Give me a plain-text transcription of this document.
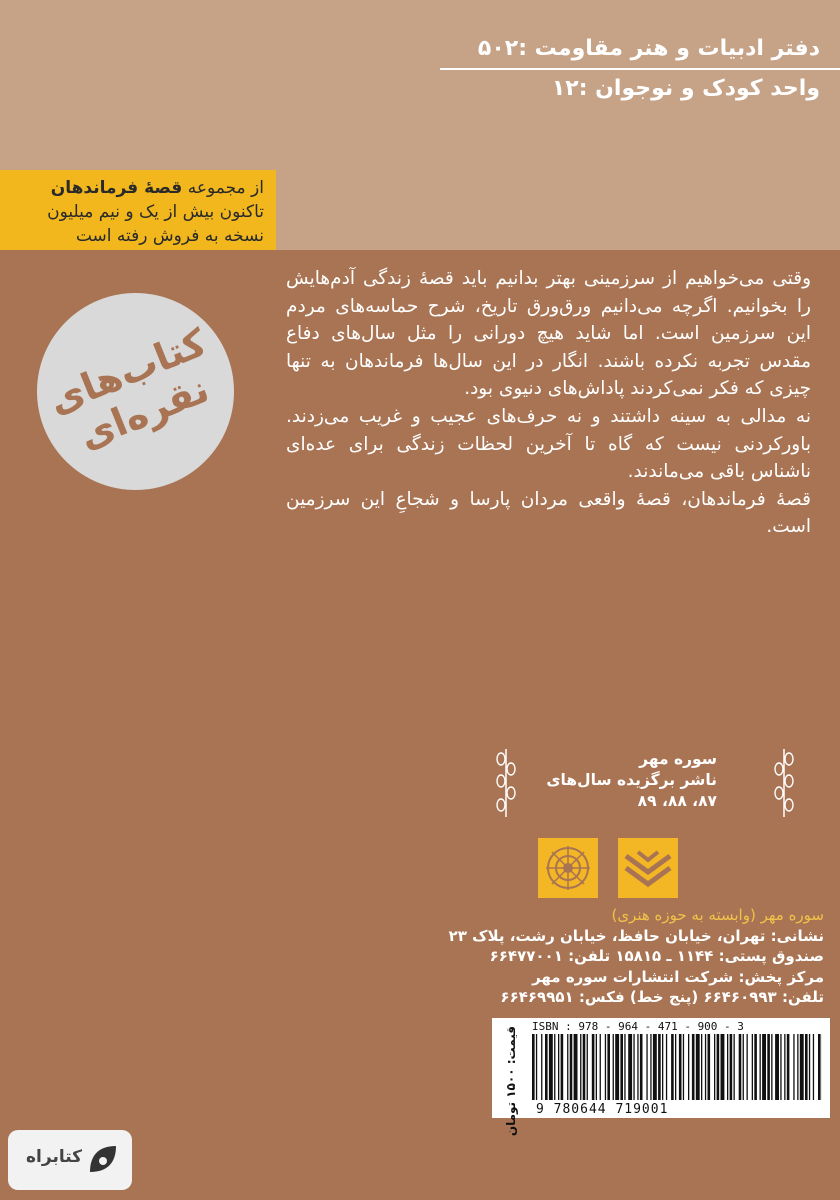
دفتر ادبیات و هنر مقاومت :۵۰۲
واحد کودک و نوجوان :۱۲
از مجموعه قصهٔ فرماندهان
تاکنون بیش از یک و نیم میلیون
نسخه به فروش رفته است
کتاب‌های نقره‌ای

وقتی می‌خواهیم از سرزمینی بهتر بدانیم باید قصهٔ زندگی آدم‌هایش را بخوانیم. اگرچه می‌دانیم ورق‌ورق تاریخ، شرح حماسه‌های مردم این سرزمین است. اما شاید هیچ دورانی را مثل سال‌های دفاع مقدس تجربه نکرده باشند. انگار در این سال‌ها فرماندهان به تنها چیزی که فکر نمی‌کردند پاداش‌های دنیوی بود.

نه مدالی به سینه داشتند و نه حرف‌های عجیب و غریب می‌زدند. باورکردنی نیست که گاه تا آخرین لحظات زندگی برای عده‌ای ناشناس باقی می‌ماندند.

قصهٔ فرماندهان، قصهٔ واقعی مردان پارسا و شجاعِ این سرزمین است.

سوره مهر
ناشر برگزیده سال‌های
۸۷، ۸۸، ۸۹
سوره مهر (وابسته به حوزه هنری)
نشانی: تهران، خیابان حافظ، خیابان رشت، پلاک ۲۳
صندوق پستی: ۱۱۴۴ ـ ۱۵۸۱۵ تلفن: ۶۶۴۷۷۰۰۱
مرکز پخش: شرکت انتشارات سوره مهر
تلفن: ۶۶۴۶۰۹۹۳ (پنج خط) فکس: ۶۶۴۶۹۹۵۱
قیمت: ۱۵۰۰ تومان	ISBN : 978 - 964 - 471 - 900 - 3
9 780644 719001
کتابراه
